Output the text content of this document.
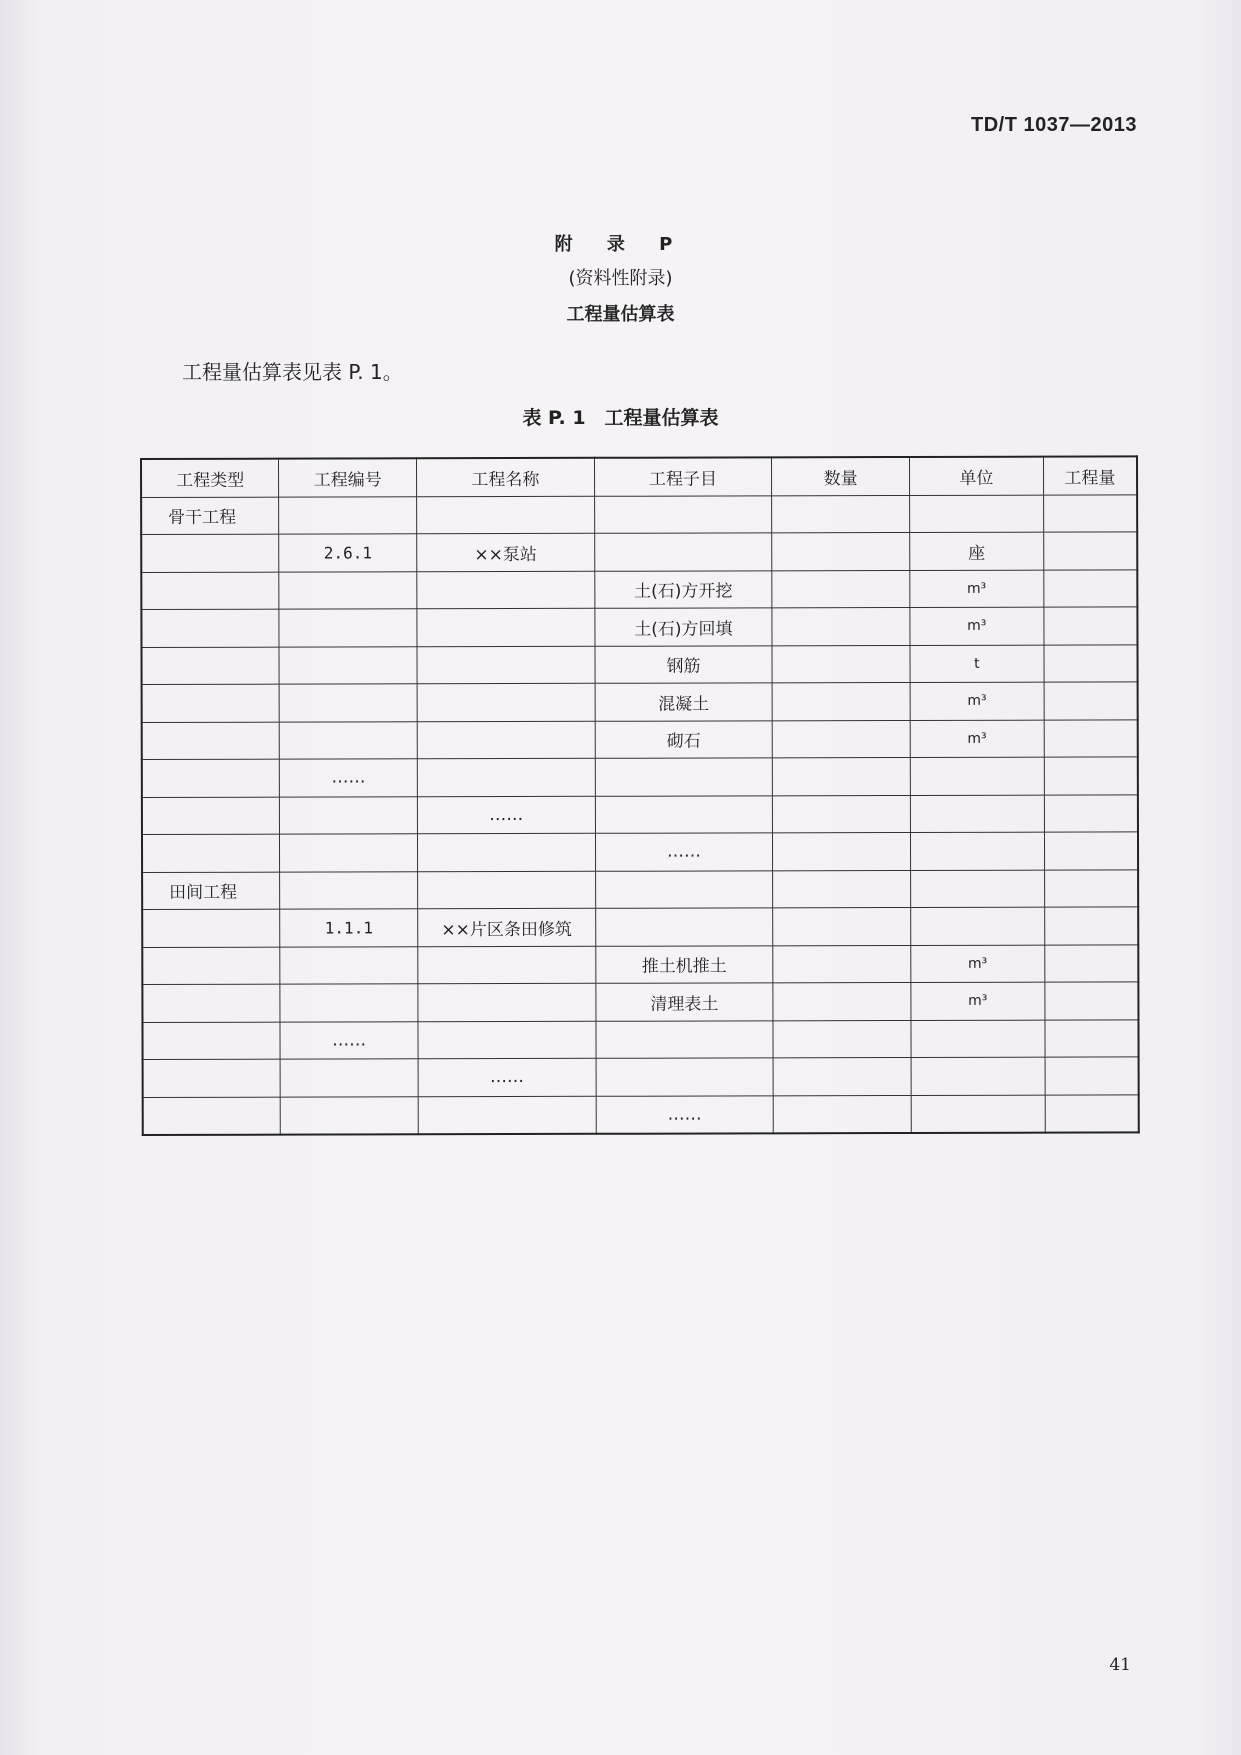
TD/T 1037—2013
附 录 P
(资料性附录)
工程量估算表
工程量估算表见表 P. 1。
表 P. 1　工程量估算表
工程类型	工程编号	工程名称	工程子目	数量	单位	工程量
骨干工程						
	2.6.1	××泵站			座	
			土(石)方开挖		m³	
			土(石)方回填		m³	
			钢筋		t	
			混凝土		m³	
			砌石		m³	
	……					
		……				
			……			
田间工程						
	1.1.1	××片区条田修筑				
			推土机推土		m³	
			清理表土		m³	
	……					
		……				
			……			
41
